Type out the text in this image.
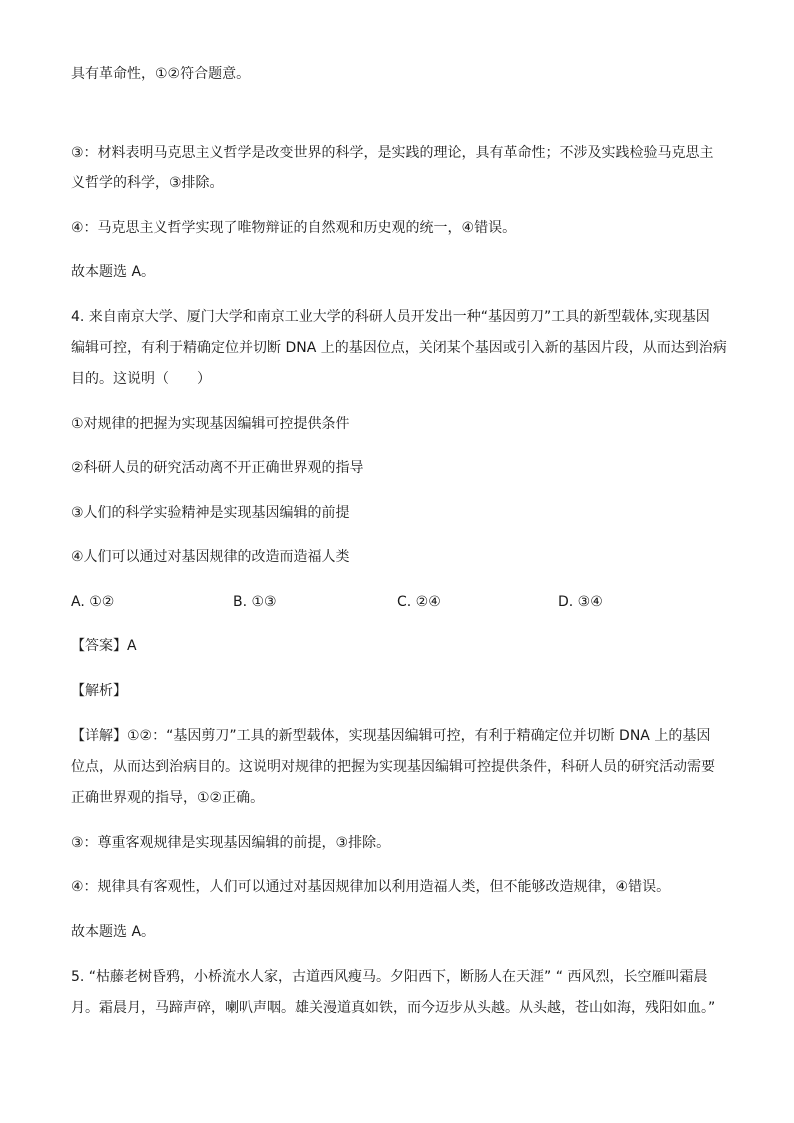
具有革命性，①②符合题意。
③：材料表明马克思主义哲学是改变世界的科学，是实践的理论，具有革命性；不涉及实践检验马克思主
义哲学的科学，③排除。
④：马克思主义哲学实现了唯物辩证的自然观和历史观的统一，④错误。
故本题选 A。
4. 来自南京大学、厦门大学和南京工业大学的科研人员开发出一种“基因剪刀”工具的新型载体,实现基因
编辑可控，有利于精确定位并切断 DNA 上的基因位点，关闭某个基因或引入新的基因片段，从而达到治病
目的。这说明（　　）
①对规律的把握为实现基因编辑可控提供条件
②科研人员的研究活动离不开正确世界观的指导
③人们的科学实验精神是实现基因编辑的前提
④人们可以通过对基因规律的改造而造福人类
A. ①②	B. ①③	C. ②④	D. ③④
【答案】A
【解析】
【详解】①②：“基因剪刀”工具的新型载体，实现基因编辑可控，有利于精确定位并切断 DNA 上的基因
位点，从而达到治病目的。这说明对规律的把握为实现基因编辑可控提供条件，科研人员的研究活动需要
正确世界观的指导，①②正确。
③：尊重客观规律是实现基因编辑的前提，③排除。
④：规律具有客观性，人们可以通过对基因规律加以利用造福人类，但不能够改造规律，④错误。
故本题选 A。
5. “枯藤老树昏鸦，小桥流水人家，古道西风瘦马。夕阳西下，断肠人在天涯” “ 西风烈，长空雁叫霜晨
月。霜晨月，马蹄声碎，喇叭声咽。雄关漫道真如铁，而今迈步从头越。从头越，苍山如海，残阳如血。”
